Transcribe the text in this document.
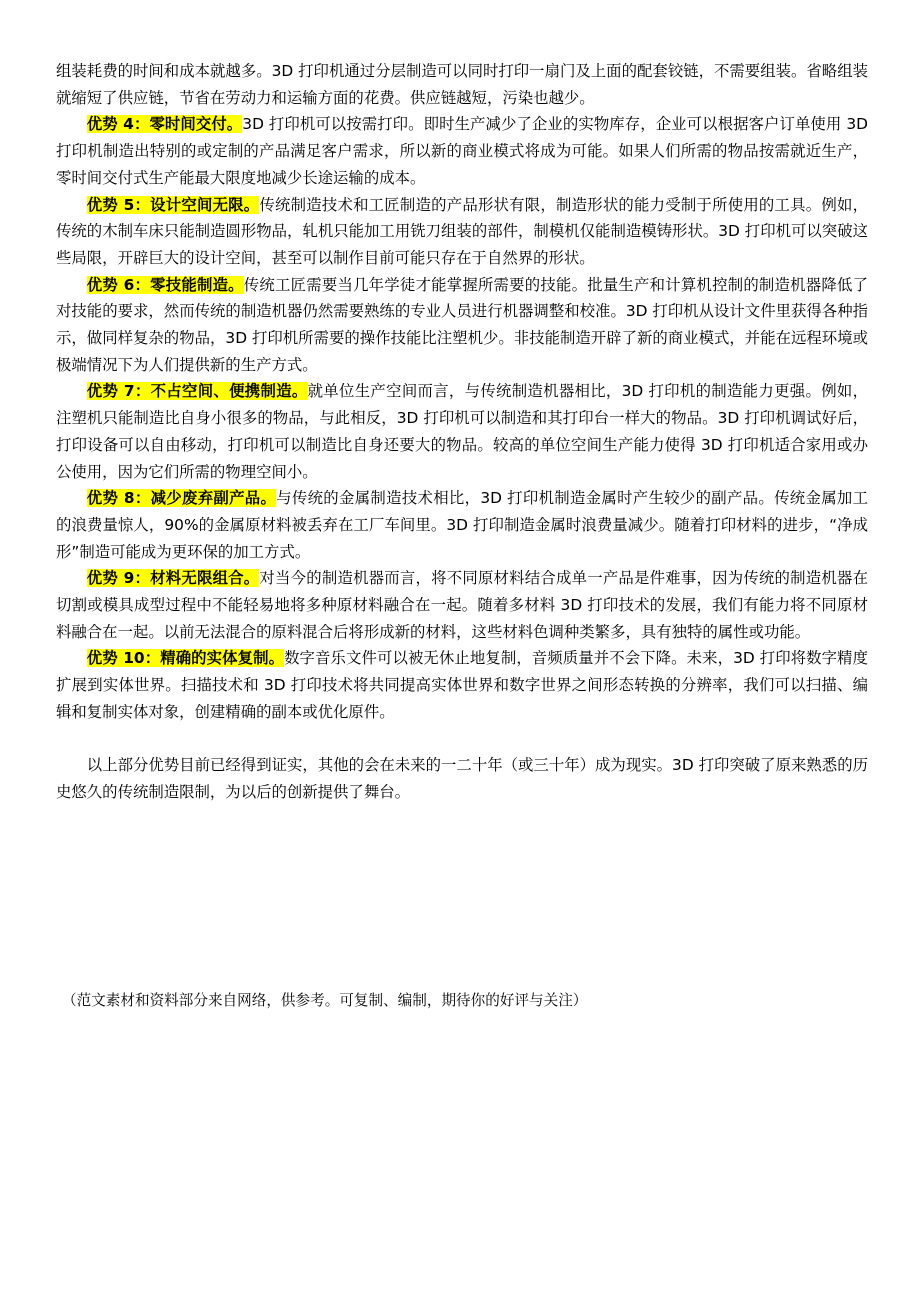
组装耗费的时间和成本就越多。3D 打印机通过分层制造可以同时打印一扇门及上面的配套铰链，不需要组装。省略组装就缩短了供应链，节省在劳动力和运输方面的花费。供应链越短，污染也越少。

优势 4：零时间交付。3D 打印机可以按需打印。即时生产减少了企业的实物库存，企业可以根据客户订单使用 3D 打印机制造出特别的或定制的产品满足客户需求，所以新的商业模式将成为可能。如果人们所需的物品按需就近生产，零时间交付式生产能最大限度地减少长途运输的成本。

优势 5：设计空间无限。传统制造技术和工匠制造的产品形状有限，制造形状的能力受制于所使用的工具。例如，传统的木制车床只能制造圆形物品，轧机只能加工用铣刀组装的部件，制模机仅能制造模铸形状。3D 打印机可以突破这些局限，开辟巨大的设计空间，甚至可以制作目前可能只存在于自然界的形状。

优势 6：零技能制造。传统工匠需要当几年学徒才能掌握所需要的技能。批量生产和计算机控制的制造机器降低了对技能的要求，然而传统的制造机器仍然需要熟练的专业人员进行机器调整和校准。3D 打印机从设计文件里获得各种指示，做同样复杂的物品，3D 打印机所需要的操作技能比注塑机少。非技能制造开辟了新的商业模式，并能在远程环境或极端情况下为人们提供新的生产方式。

优势 7：不占空间、便携制造。就单位生产空间而言，与传统制造机器相比，3D 打印机的制造能力更强。例如，注塑机只能制造比自身小很多的物品，与此相反，3D 打印机可以制造和其打印台一样大的物品。3D 打印机调试好后，打印设备可以自由移动，打印机可以制造比自身还要大的物品。较高的单位空间生产能力使得 3D 打印机适合家用或办公使用，因为它们所需的物理空间小。

优势 8：减少废弃副产品。与传统的金属制造技术相比，3D 打印机制造金属时产生较少的副产品。传统金属加工的浪费量惊人，90%的金属原材料被丢弃在工厂车间里。3D 打印制造金属时浪费量减少。随着打印材料的进步，“净成形”制造可能成为更环保的加工方式。

优势 9：材料无限组合。对当今的制造机器而言，将不同原材料结合成单一产品是件难事，因为传统的制造机器在切割或模具成型过程中不能轻易地将多种原材料融合在一起。随着多材料 3D 打印技术的发展，我们有能力将不同原材料融合在一起。以前无法混合的原料混合后将形成新的材料，这些材料色调种类繁多，具有独特的属性或功能。

优势 10：精确的实体复制。数字音乐文件可以被无休止地复制，音频质量并不会下降。未来，3D 打印将数字精度扩展到实体世界。扫描技术和 3D 打印技术将共同提高实体世界和数字世界之间形态转换的分辨率，我们可以扫描、编辑和复制实体对象，创建精确的副本或优化原件。

以上部分优势目前已经得到证实，其他的会在未来的一二十年（或三十年）成为现实。3D 打印突破了原来熟悉的历史悠久的传统制造限制，为以后的创新提供了舞台。

（范文素材和资料部分来自网络，供参考。可复制、编制，期待你的好评与关注）
